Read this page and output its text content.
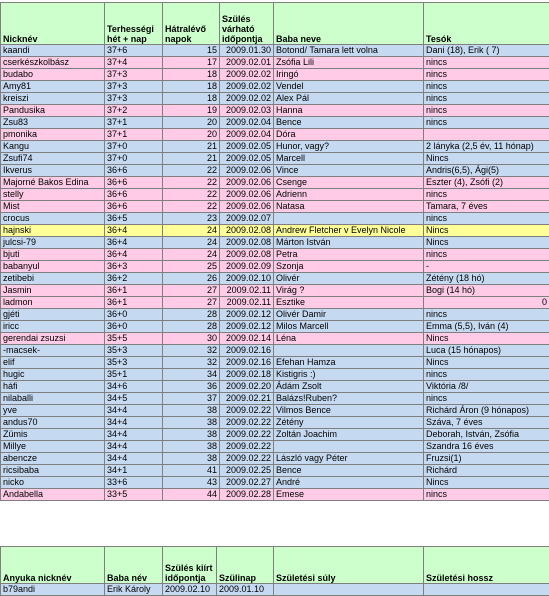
Nicknév	Terhességi hét + nap	Hátralévő napok	Szülés várható időpontja	Baba neve	Tesók
kaandi	37+6	15	2009.01.30	Botond/ Tamara lett volna	Dani (18), Erik ( 7)
cserkészkolbász	37+4	17	2009.02.01	Zsófia Lili	nincs
budabo	37+3	18	2009.02.02	Iringó	nincs
Amy81	37+3	18	2009.02.02	Vendel	nincs
kreiszi	37+3	18	2009.02.02	Alex Pál	nincs
Pandusika	37+2	19	2009.02.03	Hanna	nincs
Zsu83	37+1	20	2009.02.04	Bence	nincs
pmonika	37+1	20	2009.02.04	Dóra	
Kangu	37+0	21	2009.02.05	Hunor, vagy?	2 lányka (2,5 év, 11 hónap)
Zsufi74	37+0	21	2009.02.05	Marcell	Nincs
Ikverus	36+6	22	2009.02.06	Vince	Andris(6,5), Ági(5)
Majorné Bakos Edina	36+6	22	2009.02.06	Csenge	Eszter (4), Zsófi (2)
stelly	36+6	22	2009.02.06	Adrienn	nincs
Mist	36+6	22	2009.02.06	Natasa	Tamara, 7 éves
crocus	36+5	23	2009.02.07		nincs
hajnski	36+4	24	2009.02.08	Andrew Fletcher v Evelyn Nicole	Nincs
julcsi-79	36+4	24	2009.02.08	Márton István	Nincs
bjuti	36+4	24	2009.02.08	Petra	nincs
babanyul	36+3	25	2009.02.09	Szonja	-
zetibebi	36+2	26	2009.02.10	Olivér	Zétény (18 hó)
Jasmin	36+1	27	2009.02.11	Virág ?	Bogi (14 hó)
ladmon	36+1	27	2009.02.11	Esztike	0
gjéti	36+0	28	2009.02.12	Olivér Damir	nincs
iricc	36+0	28	2009.02.12	Milos Marcell	Emma (5,5), Iván (4)
gerendai zsuzsi	35+5	30	2009.02.14	Léna	Nincs
-macsek-	35+3	32	2009.02.16		Luca (15 hónapos)
elif	35+3	32	2009.02.16	Efehan Hamza	Nincs
hugic	35+1	34	2009.02.18	Kistigris :)	nincs
háfi	34+6	36	2009.02.20	Ádám Zsolt	Viktória /8/
nilaballi	34+5	37	2009.02.21	Balázs!Ruben?	nincs
yve	34+4	38	2009.02.22	Vilmos Bence	Richárd Áron (9 hónapos)
andus70	34+4	38	2009.02.22	Zétény	Száva, 7 éves
Zümis	34+4	38	2009.02.22	Zoltán Joachim	Deborah, István, Zsófia
Millye	34+4	38	2009.02.22		Szandra 16 éves
abencze	34+4	38	2009.02.22	László vagy Péter	Fruzsi(1)
ricsibaba	34+1	41	2009.02.25	Bence	Richárd
nicko	33+6	43	2009.02.27	André	Nincs
Andabella	33+5	44	2009.02.28	Emese	nincs
Anyuka nicknév	Baba név	Szülés kiírt időpontja	Szülinap	Születési súly	Születési hossz
b79andi	Erik Károly	2009.02.10	2009.01.10		
